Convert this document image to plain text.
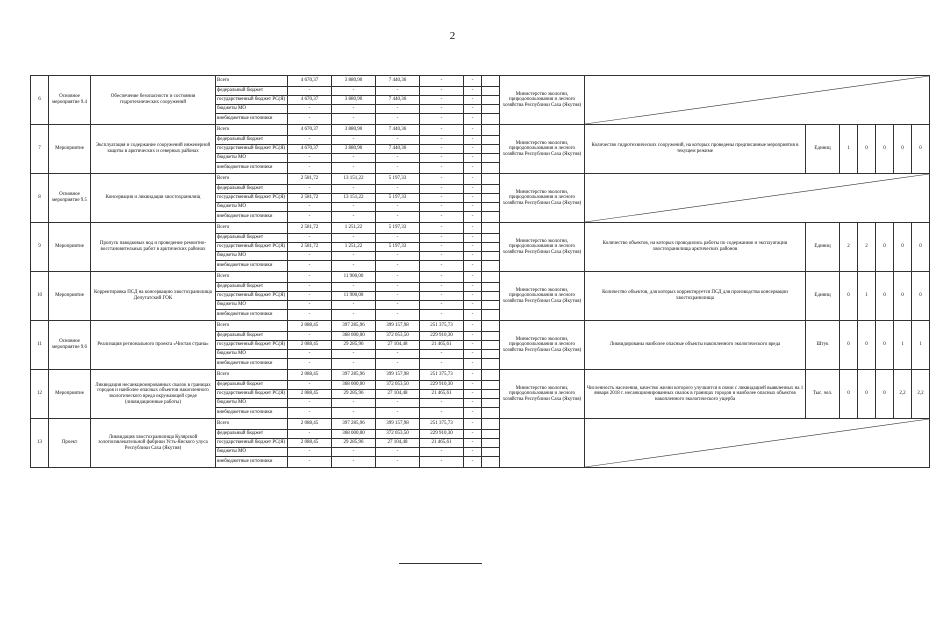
2
6	Основное мероприятие 9.4	Обеспечение безопасности и состояния гидротехнических сооружений	Всего	4 670,37	3 880,90	7 440,36	-	-		Министерство экологии, природопользования и лесного хозяйства Республики Саха (Якутия)	

			федеральный бюджет	-	-	-	-	-									
			государственный бюджет РС(Я)	4 670,37	3 880,90	7 440,36	-	-									
			бюджеты МО	-	-	-	-	-									
			внебюджетные источники	-	-	-	-	-									
7	Мероприятие	Эксплуатация и содержание сооружений инженерной защиты в арктических и северных районах	Всего	4 670,37	3 880,90	7 440,36	-	-		Министерство экологии, природопользования и лесного хозяйства Республики Саха (Якутия)	Количество гидротехнических сооружений, на которых проведены предписанные мероприятия в текущем режиме	Единиц	1	0	0	0	0
			федеральный бюджет	-	-	-	-	-									
			государственный бюджет РС(Я)	4 670,37	3 880,90	7 440,36	-	-									
			бюджеты МО	-	-	-	-	-									
			внебюджетные источники	-	-	-	-	-									
8	Основное мероприятие 9.5	Консервация и ликвидация хвостохранилищ	Всего	2 581,72	13 151,22	5 197,33	-	-		Министерство экологии, природопользования и лесного хозяйства Республики Саха (Якутия)	

			федеральный бюджет	-	-	-	-	-									
			государственный бюджет РС(Я)	2 581,72	13 151,22	5 197,33	-	-									
			бюджеты МО	-	-	-	-	-									
			внебюджетные источники	-	-	-	-	-									
9	Мероприятие	Пропуск паводковых вод и проведение ремонтно-восстановительных работ в арктических районах	Всего	2 581,72	1 251,22	5 197,33	-	-		Министерство экологии, природопользования и лесного хозяйства Республики Саха (Якутия)	Количество объектов, на которых проводились работы по содержанию и эксплуатации хвостохранилища арктических районов	Единиц	2	2	0	0	0
			федеральный бюджет	-	-	-	-	-									
			государственный бюджет РС(Я)	2 581,72	1 251,22	5 197,33	-	-									
			бюджеты МО	-	-	-	-	-									
			внебюджетные источники	-	-	-	-	-									
10	Мероприятие	Корректировка ПСД на консервацию хвостохранилища Депутатский ГОК	Всего	-	11 900,00	-	-	-		Министерство экологии, природопользования и лесного хозяйства Республики Саха (Якутия)	Количество объектов, для которых корректируется ПСД для производства консервации хвостохранилища	Единиц	0	1	0	0	0
			федеральный бюджет	-	-	-	-	-									
			государственный бюджет РС(Я)	-	11 900,00	-	-	-									
			бюджеты МО	-	-	-	-	-									
			внебюджетные источники	-	-	-	-	-									
11	Основное мероприятие 9.6	Реализация регионального проекта «Чистая страна»	Всего	2 088,45	397 285,96	399 157,98	251 375,73	-		Министерство экологии, природопользования и лесного хозяйства Республики Саха (Якутия)	Ликвидированы наиболее опасные объекты накопленного экологического вреда	Штук	0	0	0	1	1
			федеральный бюджет	-	368 000,00	372 053,50	229 910,30	-									
			государственный бюджет РС(Я)	2 088,45	29 285,96	27 104,48	21 465,61	-									
			бюджеты МО	-	-	-	-	-									
			внебюджетные источники	-	-	-	-	-									
12	Мероприятие	Ликвидация несанкционированных свалок в границах городов и наиболее опасных объектов накопленного экологического вреда окружающей среде (ликвидационные работы)	Всего	2 088,45	397 285,96	399 157,98	251 375,73	-		Министерство экологии, природопользования и лесного хозяйства Республики Саха (Якутия)	Численность населения, качество жизни которого улучшится в связи с ликвидацией выявленных на 1 января 2018 г. несанкционированных свалок в границах городов и наиболее опасных объектов накопленного экологического ущерба	Тыс. чел.	0	0	0	2,2	2,2
			федеральный бюджет	-	368 000,00	372 053,50	229 910,30	-									
			государственный бюджет РС(Я)	2 088,45	29 285,96	27 104,48	21 465,61	-									
			бюджеты МО	-	-	-	-	-									
			внебюджетные источники	-	-	-	-	-									
13	Проект	Ликвидация хвостохранилища Кулярской золотоизвлекательной фабрики Усть-Янского улуса Республики Саха (Якутия)	Всего	2 088,45	397 285,96	399 157,98	251 375,73	-			

			федеральный бюджет	-	368 000,00	372 053,50	229 910,30	-									
			государственный бюджет РС(Я)	2 088,45	29 285,96	27 104,48	21 465,61	-									
			бюджеты МО	-	-	-	-	-									
			внебюджетные источники	-	-	-	-	-									
